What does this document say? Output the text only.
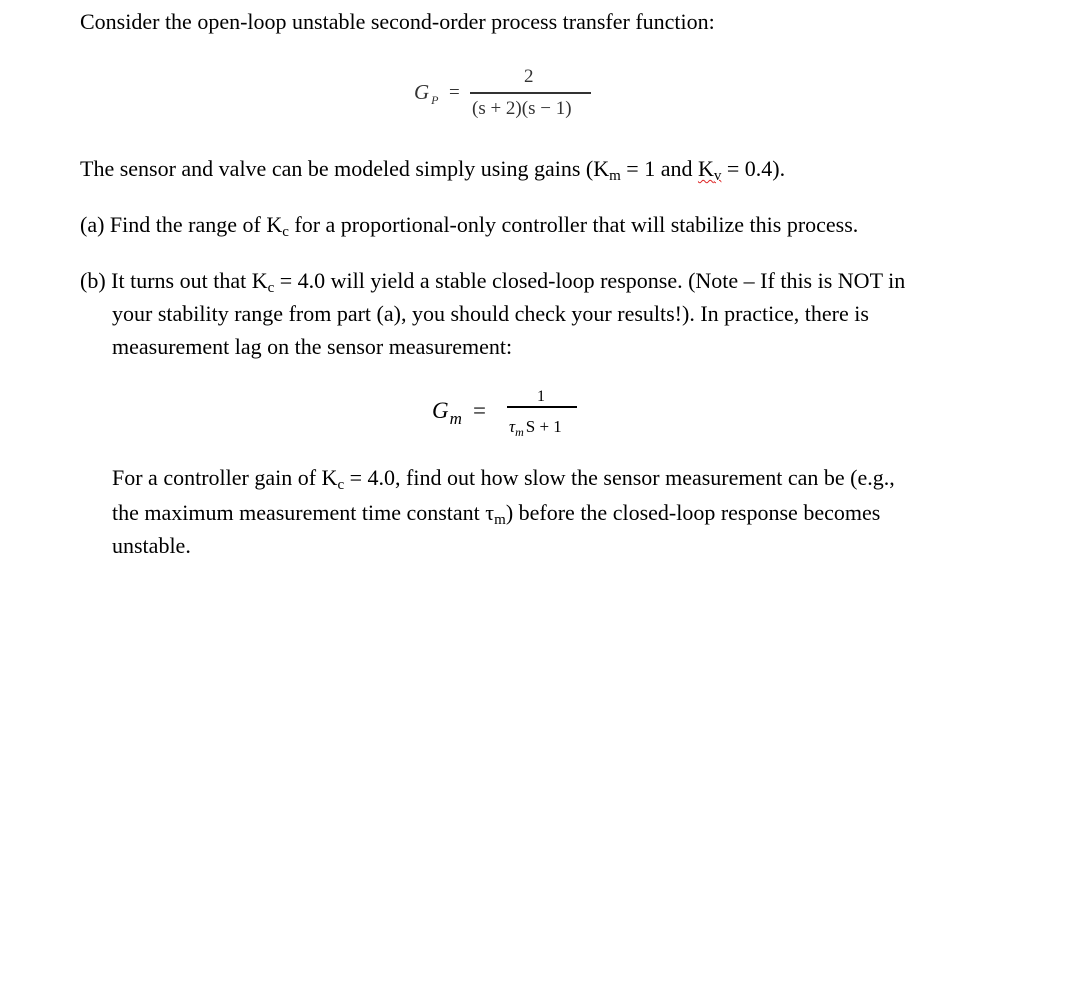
Consider the open-loop unstable second-order process transfer function:
G $_P$ =
2
(s + 2)(s − 1)
The sensor and valve can be modeled simply using gains (Km = 1 and Kv = 0.4).
(a) Find the range of Kc for a proportional-only controller that will stabilize this process.
(b) It turns out that Kc = 4.0 will yield a stable closed-loop response. (Note – If this is NOT in
your stability range from part (a), you should check your results!). In practice, there is
measurement lag on the sensor measurement:
$G_m$ =
1
$\tau_m$ S + 1
For a controller gain of Kc = 4.0, find out how slow the sensor measurement can be (e.g.,
the maximum measurement time constant τm) before the closed-loop response becomes
unstable.
